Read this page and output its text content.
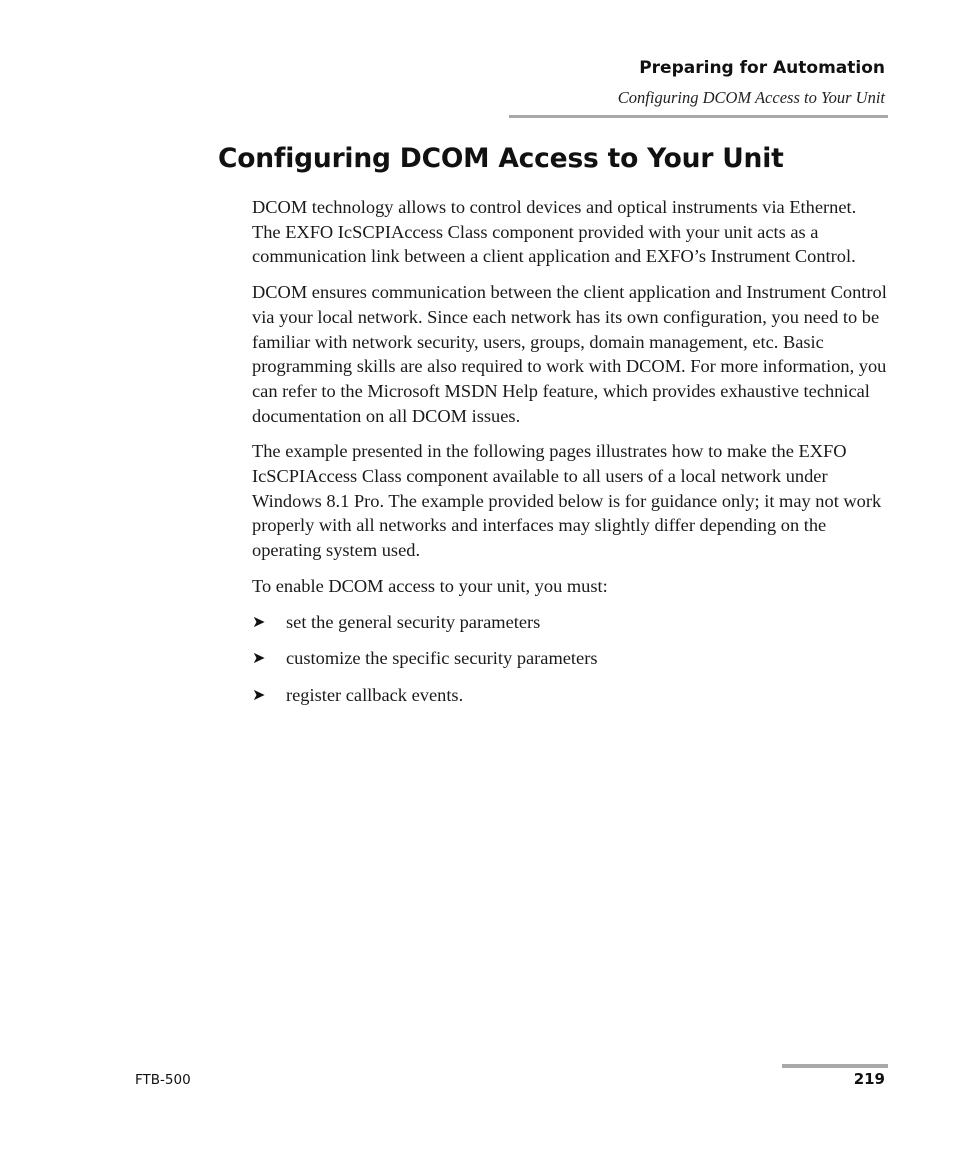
Preparing for Automation
Configuring DCOM Access to Your Unit
Configuring DCOM Access to Your Unit

DCOM technology allows to control devices and optical instruments via Ethernet. The EXFO IcSCPIAccess Class component provided with your unit acts as a communication link between a client application and EXFO’s Instrument Control.

DCOM ensures communication between the client application and Instrument Control via your local network. Since each network has its own configuration, you need to be familiar with network security, users, groups, domain management, etc. Basic programming skills are also required to work with DCOM. For more information, you can refer to the Microsoft MSDN Help feature, which provides exhaustive technical documentation on all DCOM issues.

The example presented in the following pages illustrates how to make the EXFO IcSCPIAccess Class component available to all users of a local network under Windows 8.1 Pro. The example provided below is for guidance only; it may not work properly with all networks and interfaces may slightly differ depending on the operating system used.

To enable DCOM access to your unit, you must:

➤ set the general security parameters
➤ customize the specific security parameters
➤ register callback events.
FTB-500	219
